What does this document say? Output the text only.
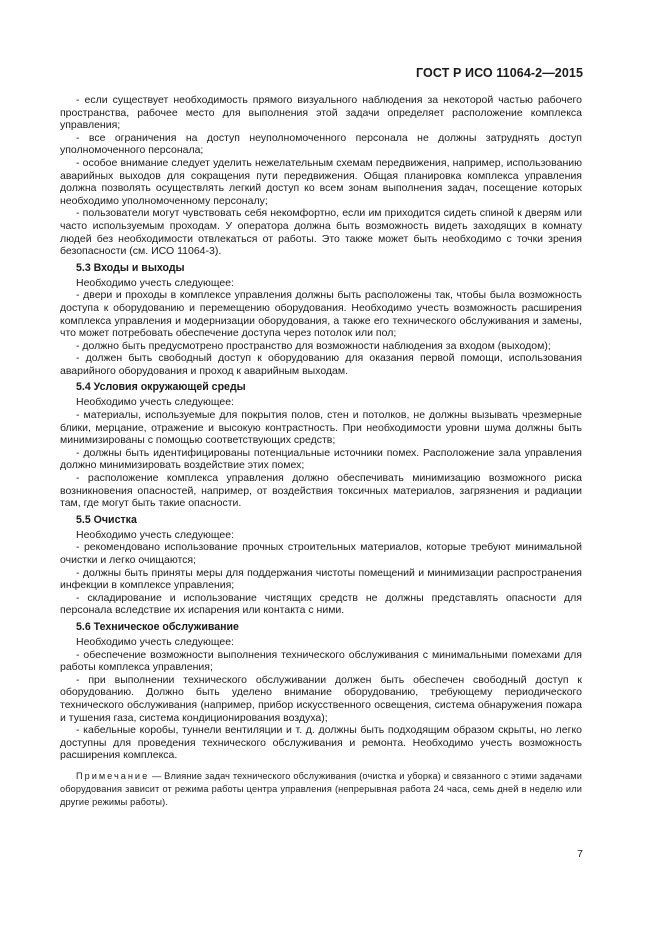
ГОСТ Р ИСО 11064-2—2015

- если существует необходимость прямого визуального наблюдения за некоторой частью рабочего пространства, рабочее место для выполнения этой задачи определяет расположение комплекса управления;

- все ограничения на доступ неуполномоченного персонала не должны затруднять доступ уполномоченного персонала;

- особое внимание следует уделить нежелательным схемам передвижения, например, использованию аварийных выходов для сокращения пути передвижения. Общая планировка комплекса управления должна позволять осуществлять легкий доступ ко всем зонам выполнения задач, посещение которых необходимо уполномоченному персоналу;

- пользователи могут чувствовать себя некомфортно, если им приходится сидеть спиной к дверям или часто используемым проходам. У оператора должна быть возможность видеть заходящих в комнату людей без необходимости отвлекаться от работы. Это также может быть необходимо с точки зрения безопасности (см. ИСО 11064-3).

5.3 Входы и выходы

Необходимо учесть следующее:

- двери и проходы в комплексе управления должны быть расположены так, чтобы была возможность доступа к оборудованию и перемещению оборудования. Необходимо учесть возможность расширения комплекса управления и модернизации оборудования, а также его технического обслуживания и замены, что может потребовать обеспечение доступа через потолок или пол;

- должно быть предусмотрено пространство для возможности наблюдения за входом (выходом);

- должен быть свободный доступ к оборудованию для оказания первой помощи, использования аварийного оборудования и проход к аварийным выходам.

5.4 Условия окружающей среды

Необходимо учесть следующее:

- материалы, используемые для покрытия полов, стен и потолков, не должны вызывать чрезмерные блики, мерцание, отражение и высокую контрастность. При необходимости уровни шума должны быть минимизированы с помощью соответствующих средств;

- должны быть идентифицированы потенциальные источники помех. Расположение зала управления должно минимизировать воздействие этих помех;

- расположение комплекса управления должно обеспечивать минимизацию возможного риска возникновения опасностей, например, от воздействия токсичных материалов, загрязнения и радиации там, где могут быть такие опасности.

5.5 Очистка

Необходимо учесть следующее:

- рекомендовано использование прочных строительных материалов, которые требуют минимальной очистки и легко очищаются;

- должны быть приняты меры для поддержания чистоты помещений и минимизации распространения инфекции в комплексе управления;

- складирование и использование чистящих средств не должны представлять опасности для персонала вследствие их испарения или контакта с ними.

5.6 Техническое обслуживание

Необходимо учесть следующее:

- обеспечение возможности выполнения технического обслуживания с минимальными помехами для работы комплекса управления;

- при выполнении технического обслуживании должен быть обеспечен свободный доступ к оборудованию. Должно быть уделено внимание оборудованию, требующему периодического технического обслуживания (например, прибор искусственного освещения, система обнаружения пожара и тушения газа, система кондиционирования воздуха);

- кабельные коробы, туннели вентиляции и т. д. должны быть подходящим образом скрыты, но легко доступны для проведения технического обслуживания и ремонта. Необходимо учесть возможность расширения комплекса.

Примечание — Влияние задач технического обслуживания (очистка и уборка) и связанного с этими задачами оборудования зависит от режима работы центра управления (непрерывная работа 24 часа, семь дней в неделю или другие режимы работы).

7
